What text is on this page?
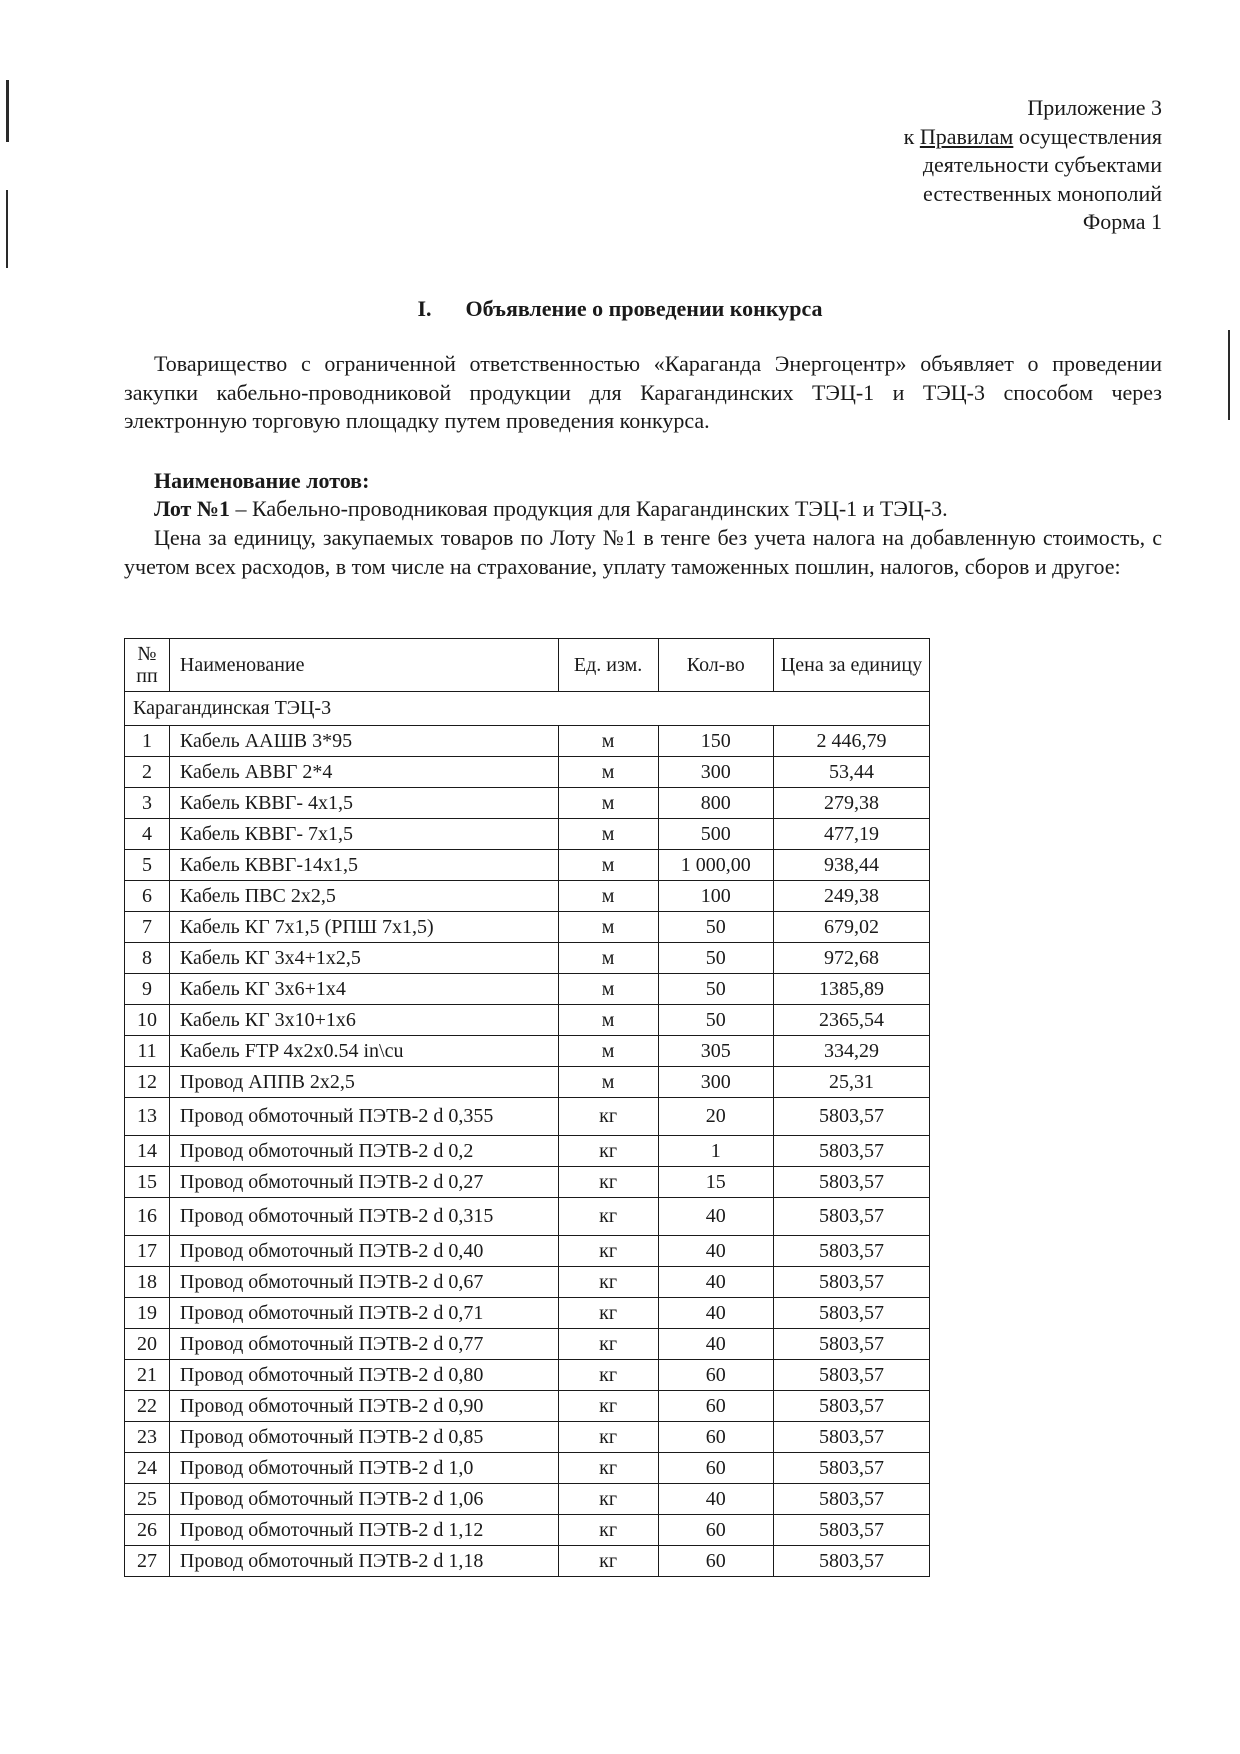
Приложение 3
к Правилам осуществления
деятельности субъектами
естественных монополий
Форма 1
I. Объявление о проведении конкурса
Товарищество с ограниченной ответственностью «Караганда Энергоцентр» объявляет о проведении закупки кабельно-проводниковой продукции для Карагандинских ТЭЦ-1 и ТЭЦ-3 способом через электронную торговую площадку путем проведения конкурса.
Наименование лотов:
Лот №1 – Кабельно-проводниковая продукция для Карагандинских ТЭЦ-1 и ТЭЦ-3.
Цена за единицу, закупаемых товаров по Лоту №1 в тенге без учета налога на добавленную стоимость, с учетом всех расходов, в том числе на страхование, уплату таможенных пошлин, налогов, сборов и другое:
№ пп	Наименование	Ед. изм.	Кол-во	Цена за единицу
Карагандинская ТЭЦ-3				
1	Кабель ААШВ 3*95	м	150	2 446,79
2	Кабель АВВГ 2*4	м	300	53,44
3	Кабель КВВГ- 4х1,5	м	800	279,38
4	Кабель КВВГ- 7х1,5	м	500	477,19
5	Кабель КВВГ-14х1,5	м	1 000,00	938,44
6	Кабель ПВС 2х2,5	м	100	249,38
7	Кабель КГ 7х1,5 (РПШ 7х1,5)	м	50	679,02
8	Кабель КГ 3х4+1х2,5	м	50	972,68
9	Кабель КГ 3х6+1х4	м	50	1385,89
10	Кабель КГ 3х10+1х6	м	50	2365,54
11	Кабель FTP 4x2x0.54 in\cu	м	305	334,29
12	Провод АППВ 2х2,5	м	300	25,31
13	Провод обмоточный ПЭТВ-2 d 0,355	кг	20	5803,57
14	Провод обмоточный ПЭТВ-2 d 0,2	кг	1	5803,57
15	Провод обмоточный ПЭТВ-2 d 0,27	кг	15	5803,57
16	Провод обмоточный ПЭТВ-2 d 0,315	кг	40	5803,57
17	Провод обмоточный ПЭТВ-2 d 0,40	кг	40	5803,57
18	Провод обмоточный ПЭТВ-2 d 0,67	кг	40	5803,57
19	Провод обмоточный ПЭТВ-2 d 0,71	кг	40	5803,57
20	Провод обмоточный ПЭТВ-2 d 0,77	кг	40	5803,57
21	Провод обмоточный ПЭТВ-2 d 0,80	кг	60	5803,57
22	Провод обмоточный ПЭТВ-2 d 0,90	кг	60	5803,57
23	Провод обмоточный ПЭТВ-2 d 0,85	кг	60	5803,57
24	Провод обмоточный ПЭТВ-2 d 1,0	кг	60	5803,57
25	Провод обмоточный ПЭТВ-2 d 1,06	кг	40	5803,57
26	Провод обмоточный ПЭТВ-2 d 1,12	кг	60	5803,57
27	Провод обмоточный ПЭТВ-2 d 1,18	кг	60	5803,57
